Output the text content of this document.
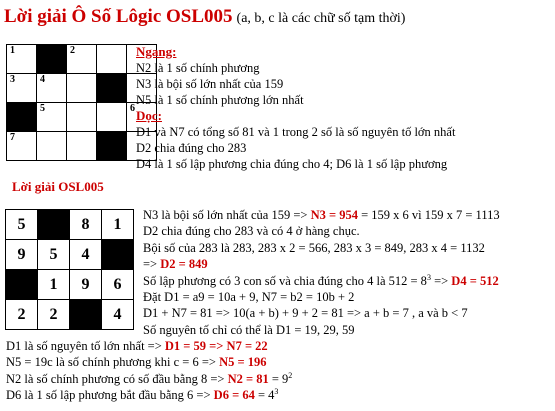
Lời giải Ô Số Lôgic OSL005 (a, b, c là các chữ số tạm thời)
1		2		

3	4			

	5			6

7				

Ngang:
N2 là 1 số chính phương
N3 là bội số lớn nhất của 159
N5 là 1 số chính phương lớn nhất
Dọc:
D1 và N7 có tổng số 81 và 1 trong 2 số là số nguyên tố lớn nhất
D2 chia đúng cho 283
D4 là 1 số lập phương chia đúng cho 4; D6 là 1 số lập phương
Lời giải OSL005
5		8	1
9	5	4	
	1	9	6
2	2		4
N3 là bội số lớn nhất của 159 => N3 = 954 = 159 x 6 vì 159 x 7 = 1113
D2 chia đúng cho 283 và có 4 ở hàng chục.
Bội số của 283 là 283, 283 x 2 = 566, 283 x 3 = 849, 283 x 4 = 1132
=> D2 = 849
Số lập phương có 3 con số và chia đúng cho 4 là $512 = 8^3 => D4 = 512$
Đặt D1 = a9 = 10a + 9, N7 = b2 = 10b + 2
D1 + N7 = 81 => 10(a + b) + 9 + 2 = 81 => a + b = 7 , a và b < 7
Số nguyên tố chỉ có thể là D1 = 19, 29, 59
D1 là số nguyên tố lớn nhất => D1 = 59 => N7 = 22
N5 = 19c là số chính phương khi c = 6 => N5 = 196
N2 là số chính phương có số đầu bằng $8 => N2 = 81 = 9^2$
D6 là 1 số lập phương bắt đầu bằng $6 => D6 = 64 = 4^3$
